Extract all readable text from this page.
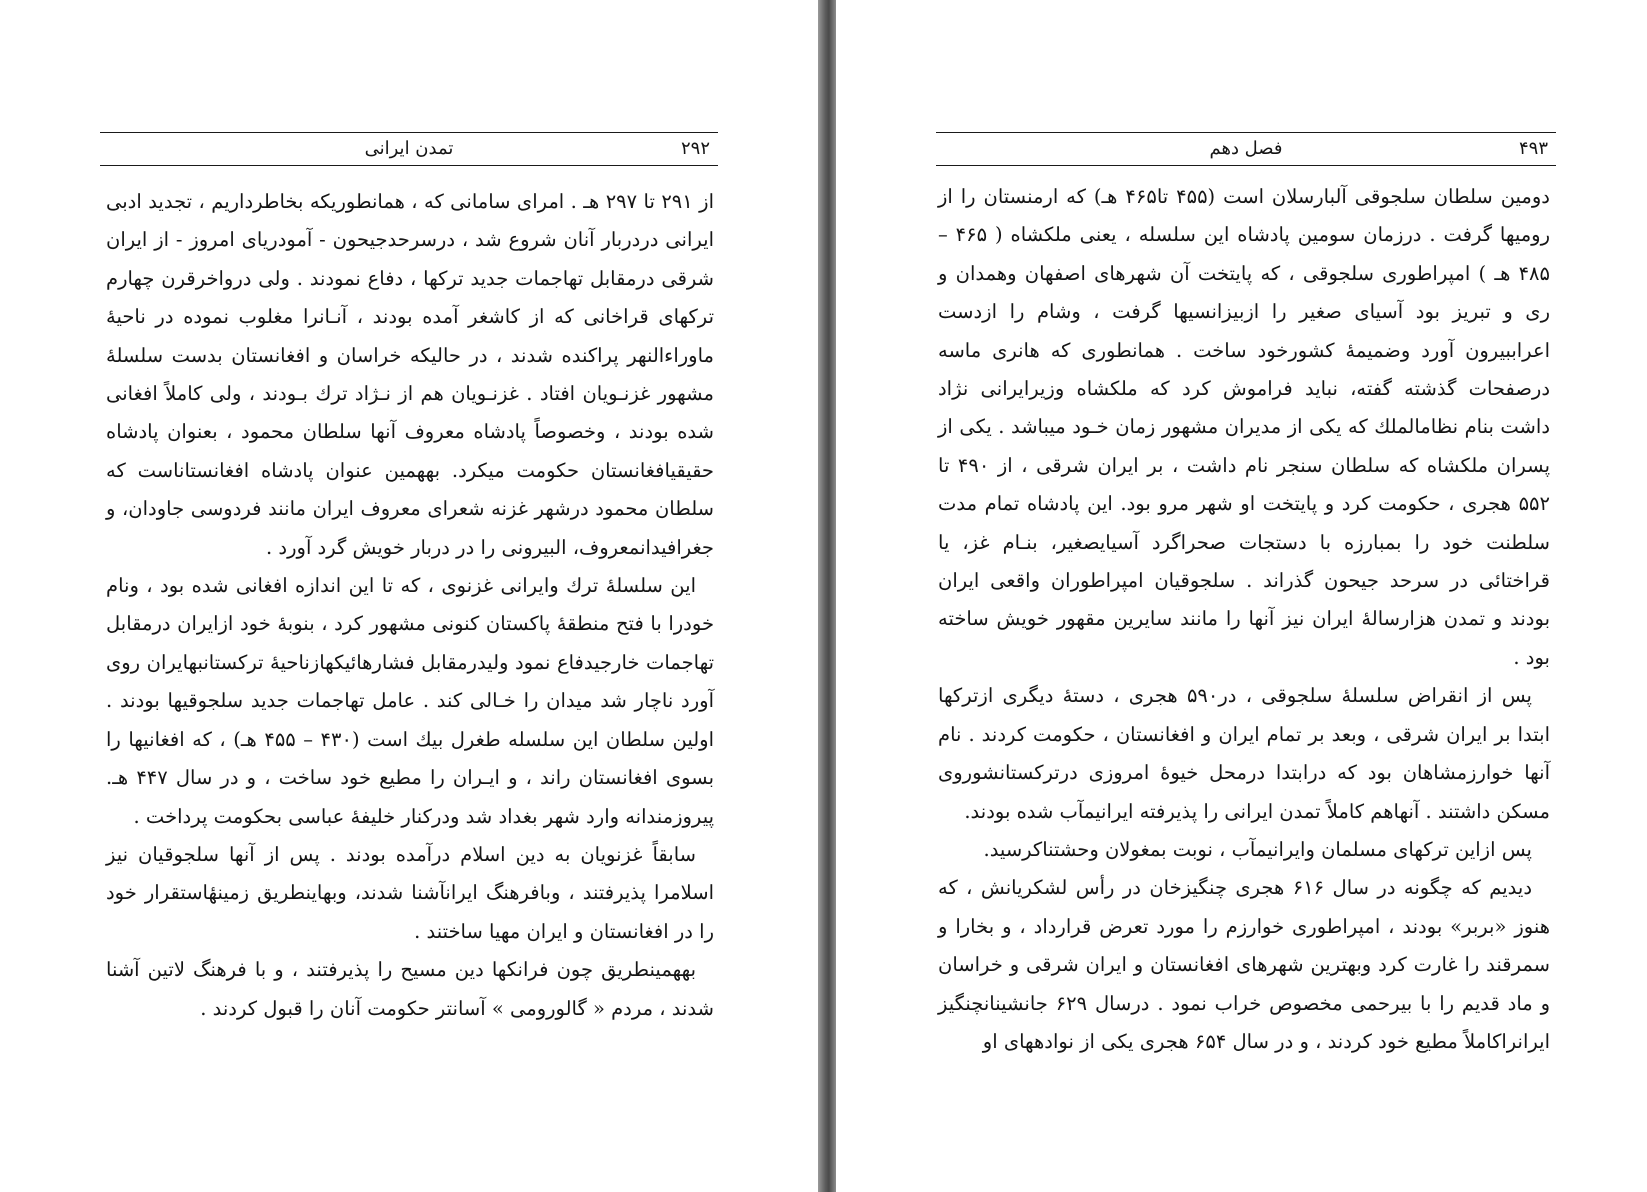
۲۹۲
تمدن ایرانی

از ۲۹۱ تا ۲۹۷ هـ . امرای سامانی که ، همانطوریکه بخاطرداریم ، تجدید ادبی ایرانی دردربار آنان شروع شد ، درسرحدجیحون - آمودریای امروز - از ایران شرقی درمقابل تهاجمات جدید ترکها ، دفاع نمودند . ولی درواخرقرن چهارم ترکهای قراخانی که از کاشغر آمده بودند ، آنـانرا مغلوب نموده در ناحیهٔ ماوراءالنهر پراکنده شدند ، در حالیکه خراسان و افغانستان بدست سلسلهٔ مشهور غزنـویان افتاد . غزنـویان هم از نـژاد ترك بـودند ، ولی کاملاً افغانی شده بودند ، وخصوصاً پادشاه معروف آنها سلطان محمود ، بعنوان پادشاه حقیقیافغانستان حکومت میکرد. بههمین عنوان پادشاه افغانستاناست که سلطان محمود درشهر غزنه شعرای معروف ایران مانند فردوسی جاودان، و جغرافیدانمعروف، البیرونی را در دربار خویش گرد آورد .

این سلسلهٔ ترك وایرانی غزنوی ، که تا این اندازه افغانی شده بود ، ونام خودرا با فتح منطقهٔ پاکستان کنونی مشهور کرد ، بنوبهٔ خود ازایران درمقابل تهاجمات خارجیدفاع نمود ولیدرمقابل فشارهائیکهازناحیهٔ ترکستانبهایران روی آورد ناچار شد میدان را خـالی کند . عامل تهاجمات جدید سلجوقیها بودند . اولین سلطان این سلسله طغرل بیك است (۴۳۰ – ۴۵۵ هـ) ، که افغانیها را بسوی افغانستان راند ، و ایـران را مطیع خود ساخت ، و در سال ۴۴۷ هـ. پیروزمندانه وارد شهر بغداد شد ودرکنار خلیفهٔ عباسی بحکومت پرداخت .

سابقاً غزنویان به دین اسلام درآمده بودند . پس از آنها سلجوقیان نیز اسلامرا پذیرفتند ، وبافرهنگ ایرانآشنا شدند، وبهاینطریق زمینهٔاستقرار خود را در افغانستان و ایران مهیا ساختند .

بههمینطریق چون فرانکها دین مسیح را پذیرفتند ، و با فرهنگ لاتین آشنا شدند ، مردم « گالورومی » آسانتر حکومت آنان را قبول کردند .

۴۹۳
فصل دهم

دومین سلطان سلجوقی آلبارسلان است (۴۵۵ تا۴۶۵ هـ) که ارمنستان را از رومیها گرفت . درزمان سومین پادشاه این سلسله ، یعنی ملکشاه ( ۴۶۵ – ۴۸۵ هـ ) امپراطوری سلجوقی ، که پایتخت آن شهرهای اصفهان وهمدان و ری و تبریز بود آسیای صغیر را ازبیزانسیها گرفت ، وشام را ازدست اعراببیرون آورد وضمیمهٔ کشورخود ساخت . همانطوری که هانری ماسه درصفحات گذشته گفته، نباید فراموش کرد که ملکشاه وزیرایرانی نژاد داشت بنام نظامالملك که یکی از مدیران مشهور زمان خـود میباشد . یکی از پسران ملکشاه که سلطان سنجر نام داشت ، بر ایران شرقی ، از ۴۹۰ تا ۵۵۲ هجری ، حکومت کرد و پایتخت او شهر مرو بود. این پادشاه تمام مدت سلطنت خود را بمبارزه با دستجات صحراگرد آسیایصغیر، بنـام غز، یا قراختائی در سرحد جیحون گذراند . سلجوقیان امپراطوران واقعی ایران بودند و تمدن هزارسالهٔ ایران نیز آنها را مانند سایرین مقهور خویش ساخته بود .

پس از انقراض سلسلهٔ سلجوقی ، در۵۹۰ هجری ، دستهٔ دیگری ازترکها ابتدا بر ایران شرقی ، وبعد بر تمام ایران و افغانستان ، حکومت کردند . نام آنها خوارزمشاهان بود که درابتدا درمحل خیوهٔ امروزی درترکستانشوروی مسکن داشتند . آنهاهم کاملاً تمدن ایرانی را پذیرفته ایرانیمآب شده بودند.

پس ازاین ترکهای مسلمان وایرانیمآب ، نوبت بمغولان وحشتناكرسید.

دیدیم که چگونه در سال ۶۱۶ هجری چنگیزخان در رأس لشکریانش ، که هنوز «بربر» بودند ، امپراطوری خوارزم را مورد تعرض قرارداد ، و بخارا و سمرقند را غارت کرد وبهترین شهرهای افغانستان و ایران شرقی و خراسان و ماد قدیم را با بیرحمی مخصوص خراب نمود . درسال ۶۲۹ جانشینانچنگیز ایرانراکاملاً مطیع خود کردند ، و در سال ۶۵۴ هجری یکی از نوادههای او
